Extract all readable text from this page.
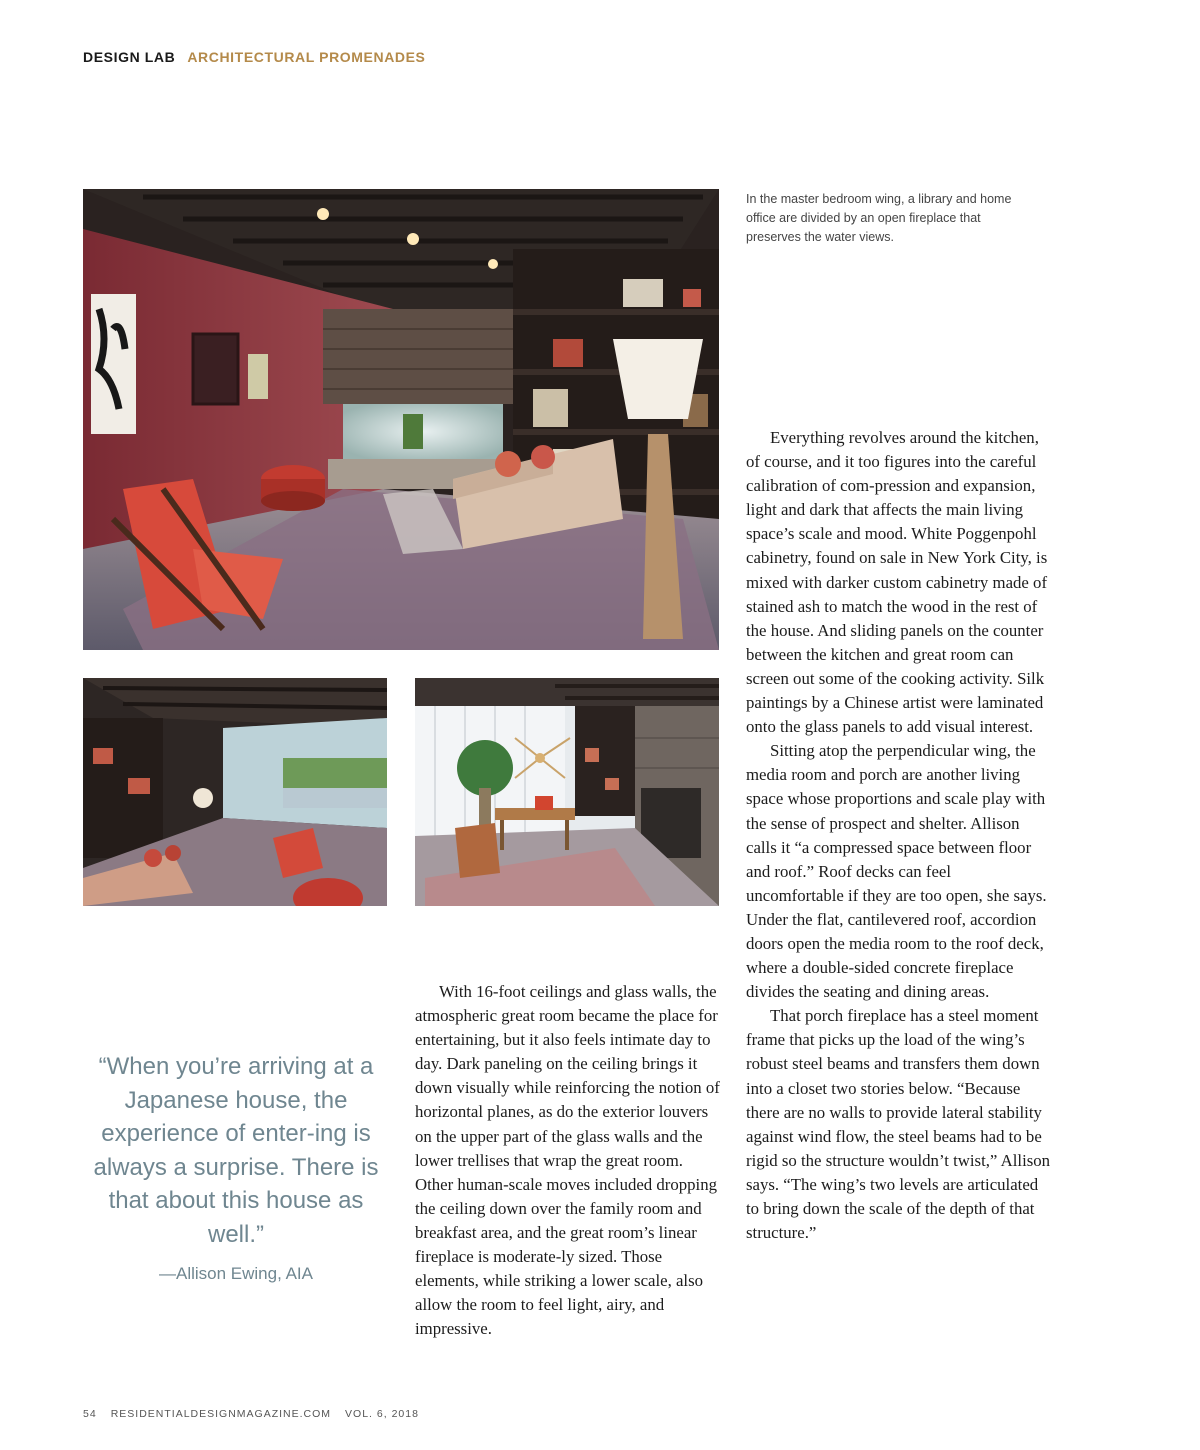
DESIGN LAB ARCHITECTURAL PROMENADES
In the master bedroom wing, a library and home office are divided by an open fireplace that preserves the water views.
“When you’re arriving at a Japanese house, the experience of enter-ing is always a surprise. There is that about this house as well.”
—Allison Ewing, AIA

With 16-foot ceilings and glass walls, the atmospheric great room became the place for entertaining, but it also feels intimate day to day. Dark paneling on the ceiling brings it down visually while reinforcing the notion of horizontal planes, as do the exterior louvers on the upper part of the glass walls and the lower trellises that wrap the great room. Other human-scale moves included dropping the ceiling down over the family room and breakfast area, and the great room’s linear fireplace is moderate-ly sized. Those elements, while striking a lower scale, also allow the room to feel light, airy, and impressive.

Everything revolves around the kitchen, of course, and it too figures into the careful calibration of com-pression and expansion, light and dark that affects the main living space’s scale and mood. White Poggenpohl cabinetry, found on sale in New York City, is mixed with darker custom cabinetry made of stained ash to match the wood in the rest of the house. And sliding panels on the counter between the kitchen and great room can screen out some of the cooking activity. Silk paintings by a Chinese artist were laminated onto the glass panels to add visual interest.

Sitting atop the perpendicular wing, the media room and porch are another living space whose proportions and scale play with the sense of prospect and shelter. Allison calls it “a compressed space between floor and roof.” Roof decks can feel uncomfortable if they are too open, she says. Under the flat, cantilevered roof, accordion doors open the media room to the roof deck, where a double-sided concrete fireplace divides the seating and dining areas.

That porch fireplace has a steel moment frame that picks up the load of the wing’s robust steel beams and transfers them down into a closet two stories below. “Because there are no walls to provide lateral stability against wind flow, the steel beams had to be rigid so the structure wouldn’t twist,” Allison says. “The wing’s two levels are articulated to bring down the scale of the depth of that structure.”

54 RESIDENTIALDESIGNMAGAZINE.COM VOL. 6, 2018
